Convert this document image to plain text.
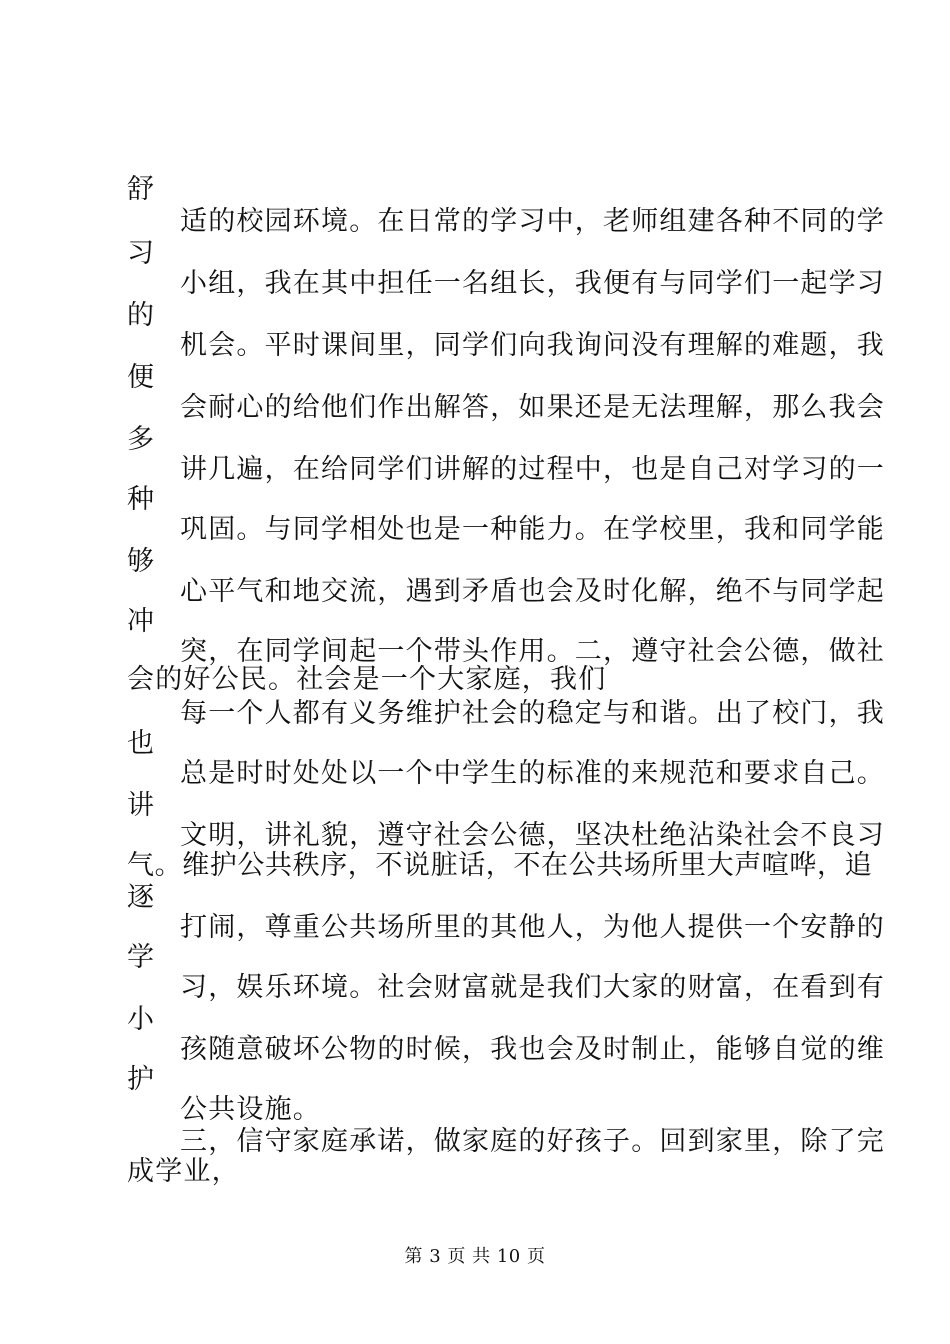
舒
适的校园环境。在日常的学习中，老师组建各种不同的学
习
小组，我在其中担任一名组长，我便有与同学们一起学习
的
机会。平时课间里，同学们向我询问没有理解的难题，我
便
会耐心的给他们作出解答，如果还是无法理解，那么我会
多
讲几遍，在给同学们讲解的过程中，也是自己对学习的一
种
巩固。与同学相处也是一种能力。在学校里，我和同学能
够
心平气和地交流，遇到矛盾也会及时化解，绝不与同学起
冲
突，在同学间起一个带头作用。二，遵守社会公德，做社
会的好公民。社会是一个大家庭，我们
每一个人都有义务维护社会的稳定与和谐。出了校门，我
也
总是时时处处以一个中学生的标准的来规范和要求自己。
讲
文明，讲礼貌，遵守社会公德，坚决杜绝沾染社会不良习
气。维护公共秩序，不说脏话，不在公共场所里大声喧哗，追
逐
打闹，尊重公共场所里的其他人，为他人提供一个安静的
学
习，娱乐环境。社会财富就是我们大家的财富，在看到有
小
孩随意破坏公物的时候，我也会及时制止，能够自觉的维
护
公共设施。
三，信守家庭承诺，做家庭的好孩子。回到家里，除了完
成学业，
第 3 页 共 10 页
